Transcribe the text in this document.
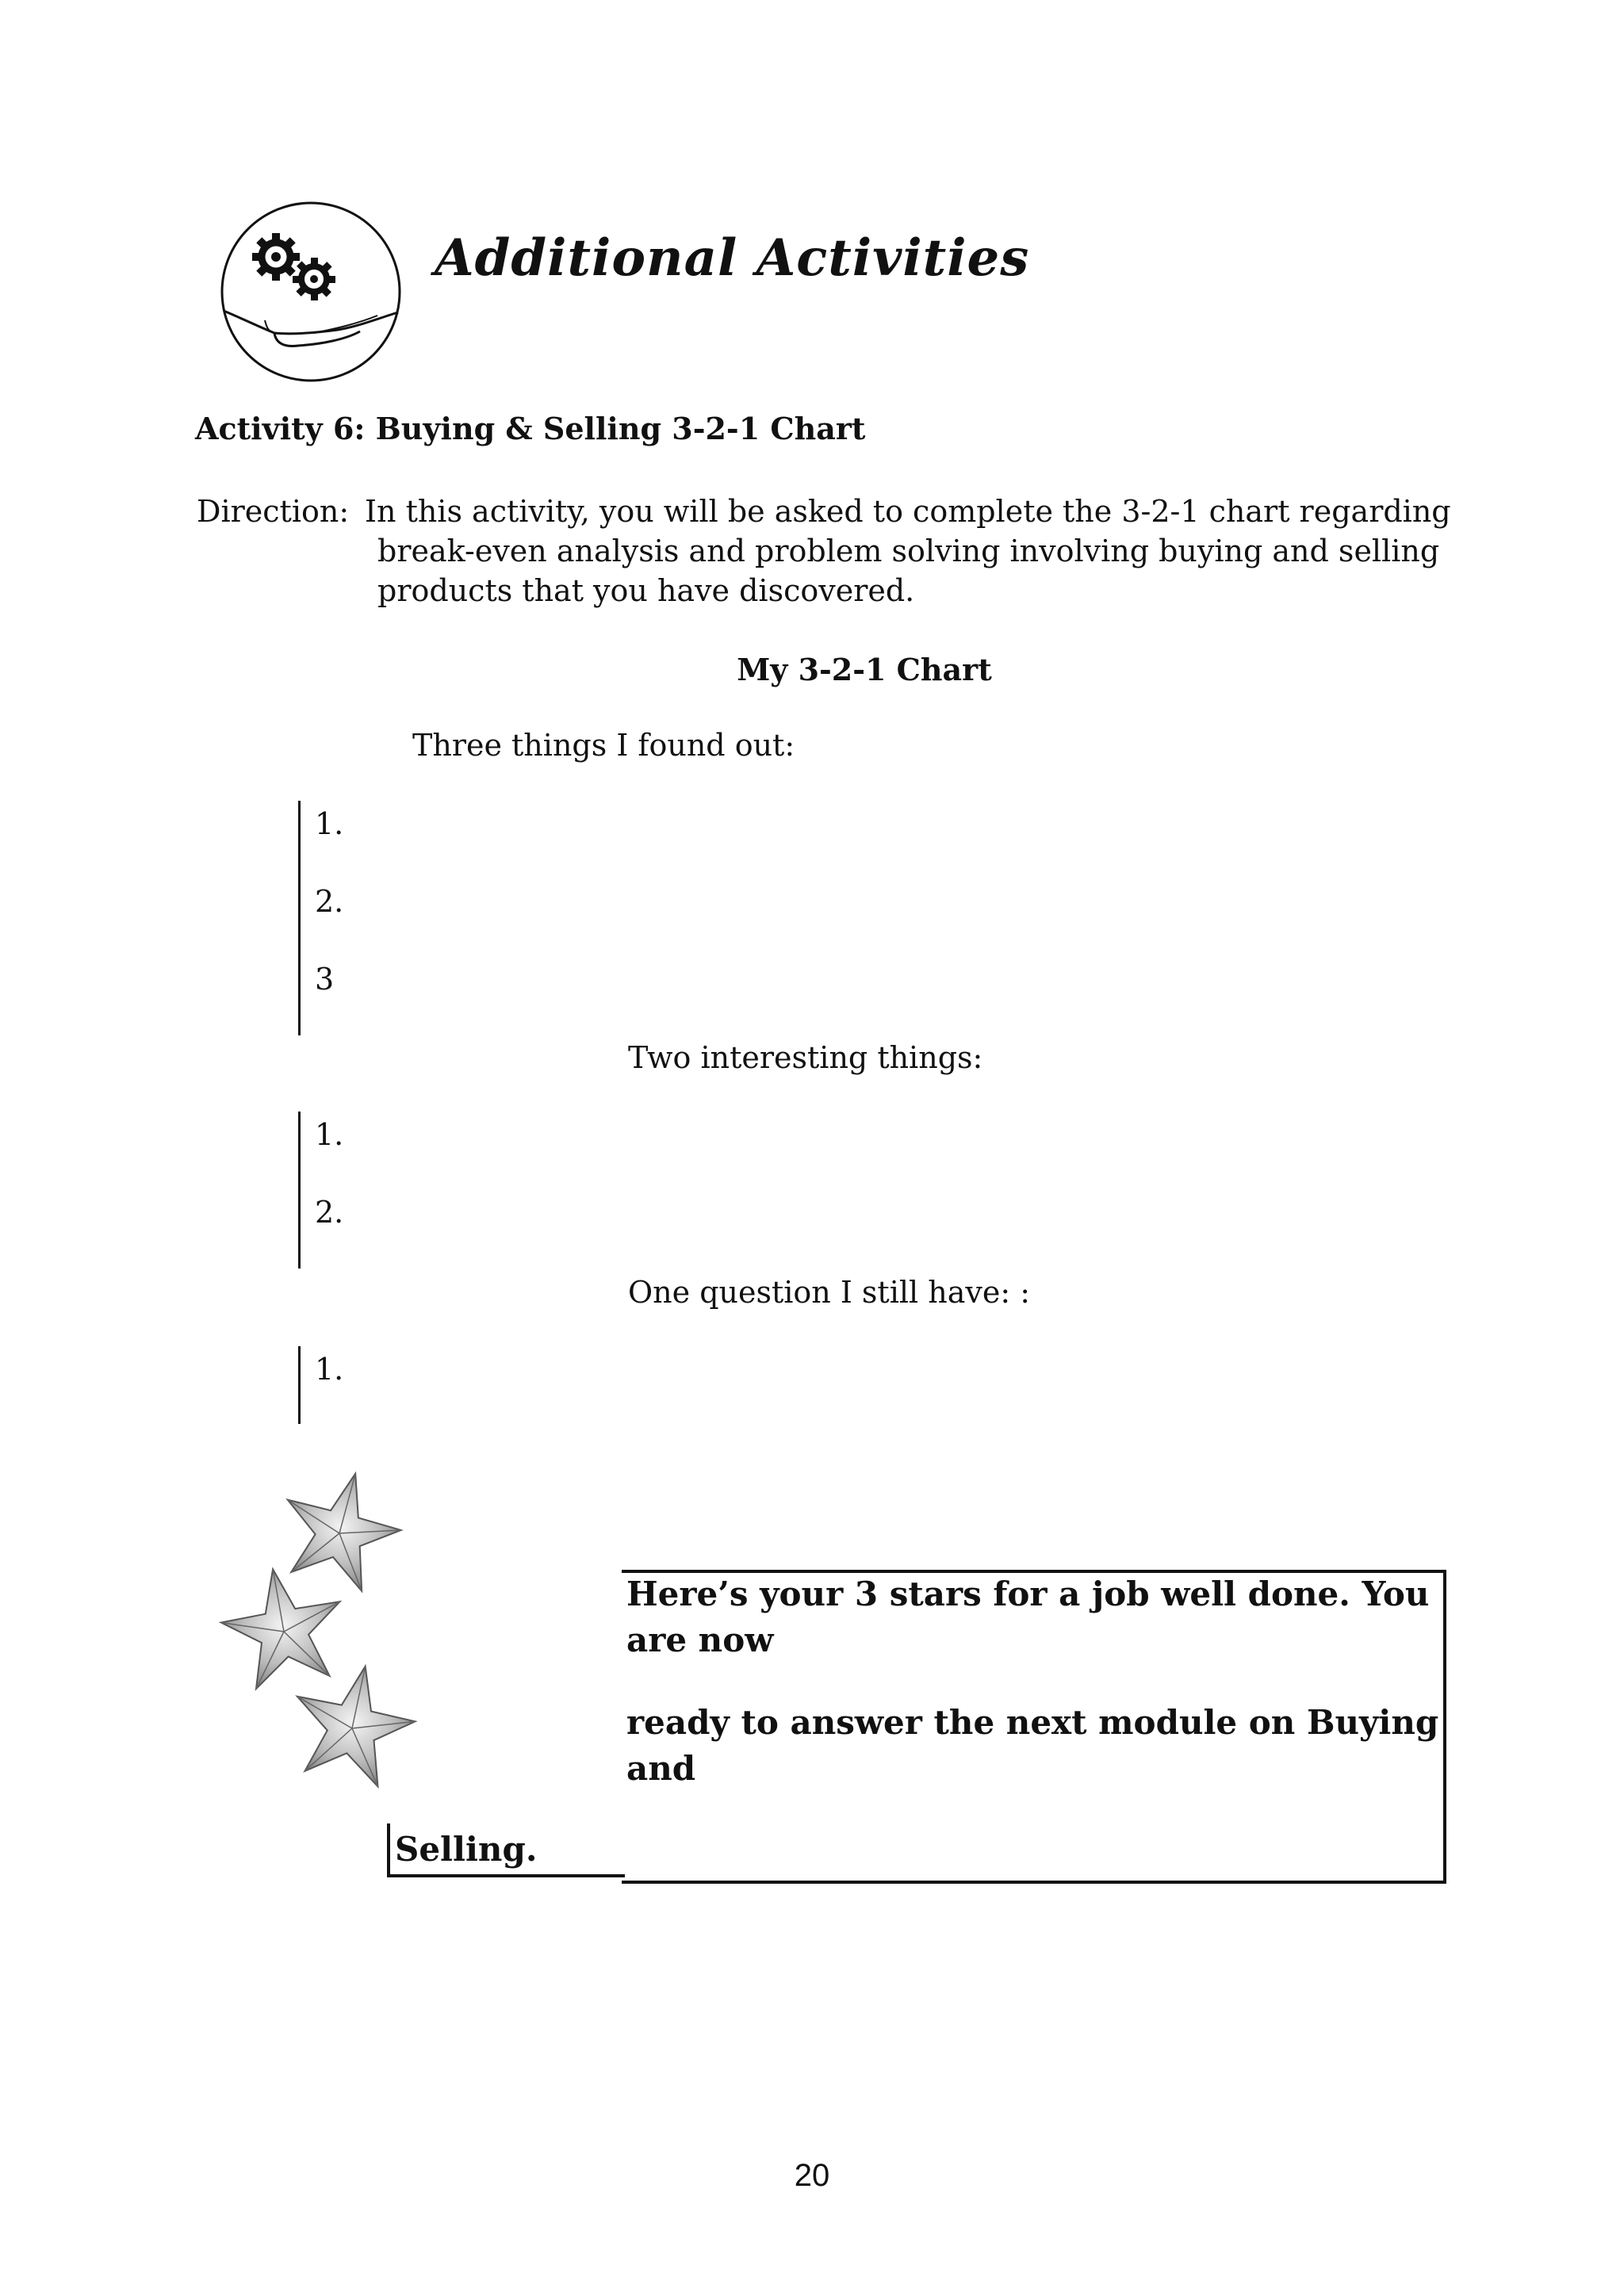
Additional Activities
Activity 6: Buying & Selling 3-2-1 Chart
Direction: In this activity, you will be asked to complete the 3-2-1 chart regarding
break-even analysis and problem solving involving buying and selling
products that you have discovered.
My 3-2-1 Chart

Three things I found out:

1.
2.
3

Two interesting things:

1.
2.

One question I still have: :

1.

Here’s your 3 stars for a job well done. You are now

ready to answer the next module on Buying and

Selling.
20
